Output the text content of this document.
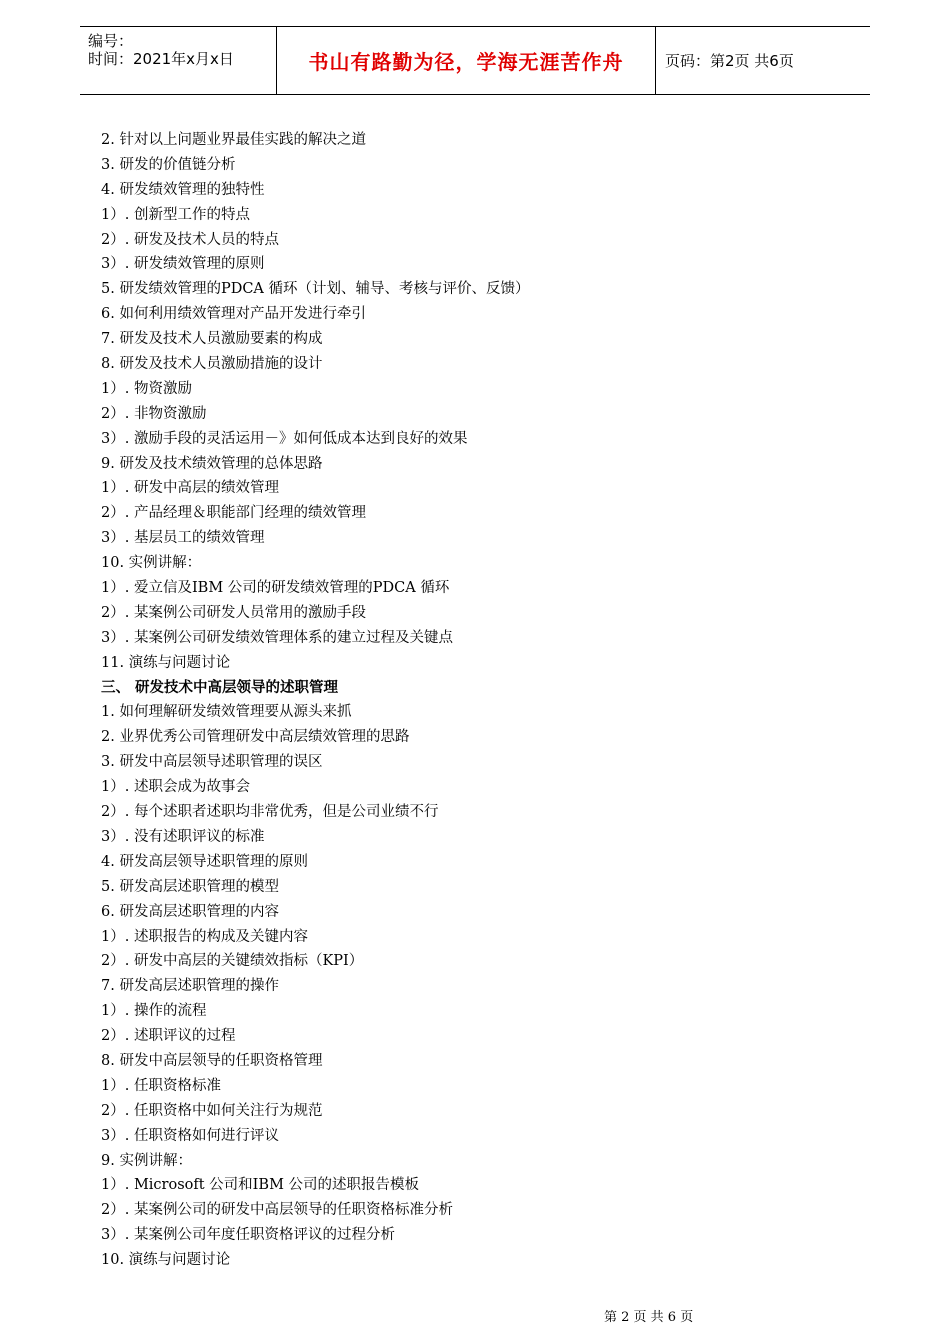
编号：
时间：2021年x月x日	书山有路勤为径，学海无涯苦作舟	页码：第2页 共6页
2. 针对以上问题业界最佳实践的解决之道
3. 研发的价值链分析
4. 研发绩效管理的独特性
1）. 创新型工作的特点
2）. 研发及技术人员的特点
3）. 研发绩效管理的原则
5. 研发绩效管理的PDCA 循环（计划、辅导、考核与评价、反馈）
6. 如何利用绩效管理对产品开发进行牵引
7. 研发及技术人员激励要素的构成
8. 研发及技术人员激励措施的设计
1）. 物资激励
2）. 非物资激励
3）. 激励手段的灵活运用－》如何低成本达到良好的效果
9. 研发及技术绩效管理的总体思路
1）. 研发中高层的绩效管理
2）. 产品经理＆职能部门经理的绩效管理
3）. 基层员工的绩效管理
10. 实例讲解：
1）. 爱立信及IBM 公司的研发绩效管理的PDCA 循环
2）. 某案例公司研发人员常用的激励手段
3）. 某案例公司研发绩效管理体系的建立过程及关键点
11. 演练与问题讨论
三、 研发技术中高层领导的述职管理
1. 如何理解研发绩效管理要从源头来抓
2. 业界优秀公司管理研发中高层绩效管理的思路
3. 研发中高层领导述职管理的误区
1）. 述职会成为故事会
2）. 每个述职者述职均非常优秀，但是公司业绩不行
3）. 没有述职评议的标准
4. 研发高层领导述职管理的原则
5. 研发高层述职管理的模型
6. 研发高层述职管理的内容
1）. 述职报告的构成及关键内容
2）. 研发中高层的关键绩效指标（KPI）
7. 研发高层述职管理的操作
1）. 操作的流程
2）. 述职评议的过程
8. 研发中高层领导的任职资格管理
1）. 任职资格标准
2）. 任职资格中如何关注行为规范
3）. 任职资格如何进行评议
9. 实例讲解：
1）. Microsoft 公司和IBM 公司的述职报告模板
2）. 某案例公司的研发中高层领导的任职资格标准分析
3）. 某案例公司年度任职资格评议的过程分析
10. 演练与问题讨论
第 2 页 共 6 页
